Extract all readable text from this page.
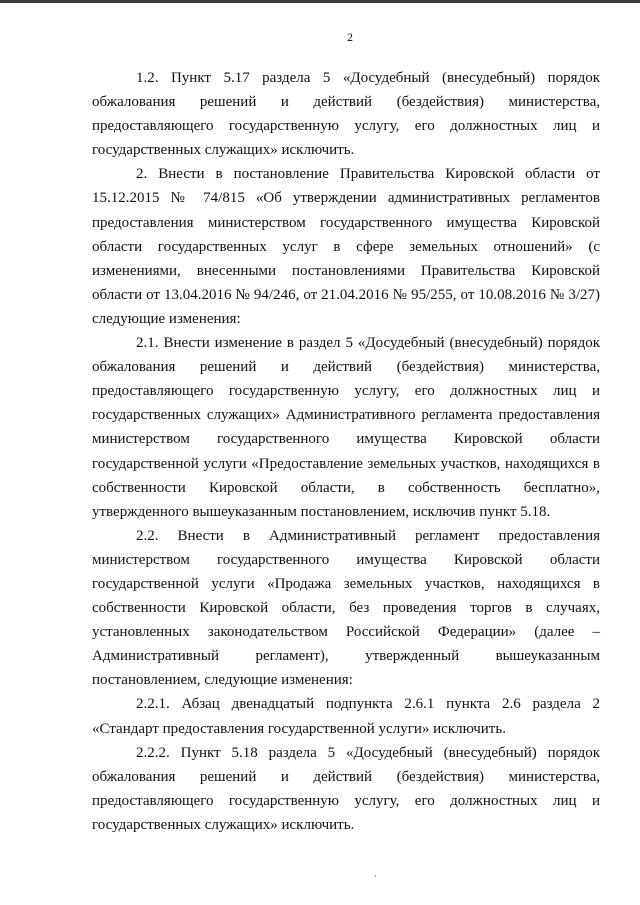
2

1.2. Пункт 5.17 раздела 5 «Досудебный (внесудебный) порядок обжалования решений и действий (бездействия) министерства, предоставляющего государственную услугу, его должностных лиц и государственных служащих» исключить.

2. Внести в постановление Правительства Кировской области от 15.12.2015 № 74/815 «Об утверждении административных регламентов предоставления министерством государственного имущества Кировской области государственных услуг в сфере земельных отношений» (с изменениями, внесенными постановлениями Правительства Кировской области от 13.04.2016 № 94/246, от 21.04.2016 № 95/255, от 10.08.2016 № 3/27) следующие изменения:

2.1. Внести изменение в раздел 5 «Досудебный (внесудебный) порядок обжалования решений и действий (бездействия) министерства, предоставляющего государственную услугу, его должностных лиц и государственных служащих» Административного регламента предоставления министерством государственного имущества Кировской области государственной услуги «Предоставление земельных участков, находящихся в собственности Кировской области, в собственность бесплатно», утвержденного вышеуказанным постановлением, исключив пункт 5.18.

2.2. Внести в Административный регламент предоставления министерством государственного имущества Кировской области государственной услуги «Продажа земельных участков, находящихся в собственности Кировской области, без проведения торгов в случаях, установленных законодательством Российской Федерации» (далее – Административный регламент), утвержденный вышеуказанным постановлением, следующие изменения:

2.2.1. Абзац двенадцатый подпункта 2.6.1 пункта 2.6 раздела 2 «Стандарт предоставления государственной услуги» исключить.

2.2.2. Пункт 5.18 раздела 5 «Досудебный (внесудебный) порядок обжалования решений и действий (бездействия) министерства, предоставляющего государственную услугу, его должностных лиц и государственных служащих» исключить.

·
